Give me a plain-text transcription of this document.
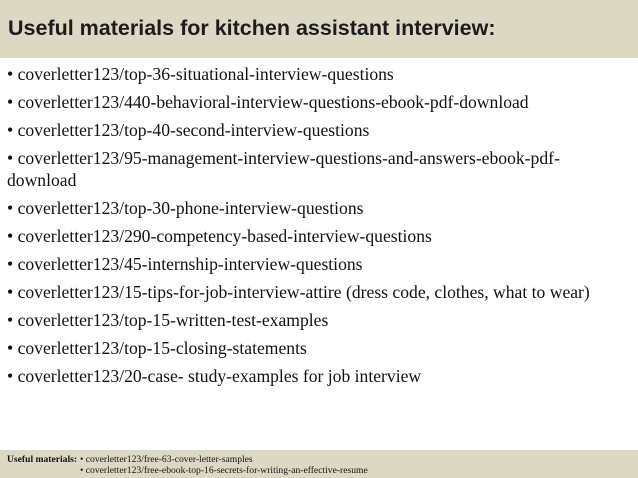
Useful materials for kitchen assistant interview:
• coverletter123/top-36-situational-interview-questions
• coverletter123/440-behavioral-interview-questions-ebook-pdf-download
• coverletter123/top-40-second-interview-questions
• coverletter123/95-management-interview-questions-and-answers-ebook-pdf-download
• coverletter123/top-30-phone-interview-questions
• coverletter123/290-competency-based-interview-questions
• coverletter123/45-internship-interview-questions
• coverletter123/15-tips-for-job-interview-attire (dress code, clothes, what to wear)
• coverletter123/top-15-written-test-examples
• coverletter123/top-15-closing-statements
• coverletter123/20-case- study-examples for job interview
Useful materials: • coverletter123/free-63-cover-letter-samples
• coverletter123/free-ebook-top-16-secrets-for-writing-an-effective-resume
